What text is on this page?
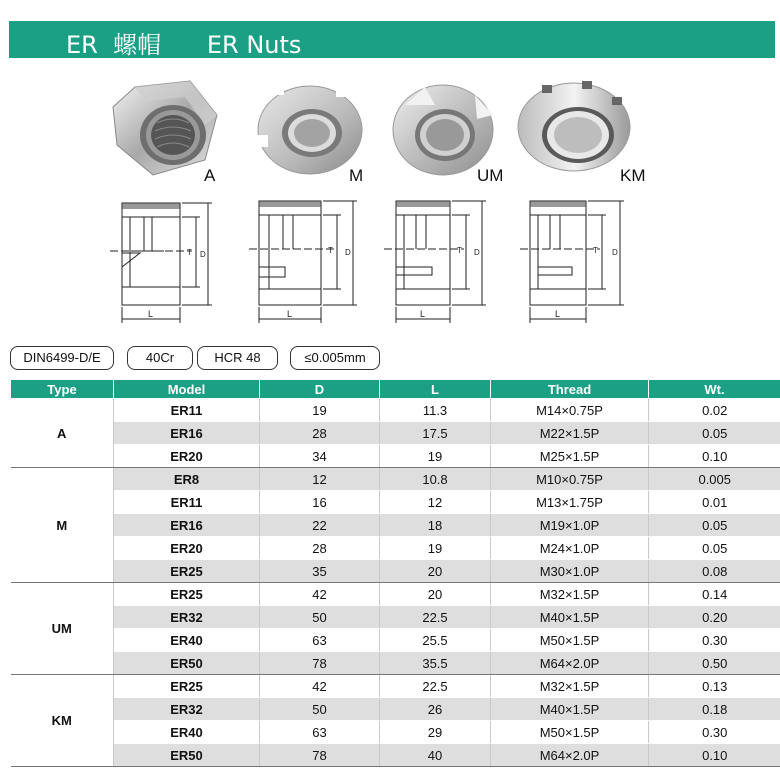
ER  螺帽      ER Nuts
A
L
T D
M
L
T D
UM
L
T D
KM
L
T D
DIN6499-D/E	40Cr	HCR 48	≤0.005mm
Type	Model	D	L	Thread	Wt.
A	ER11	19	11.3	M14×0.75P	0.02
	ER16	28	17.5	M22×1.5P	0.05
	ER20	34	19	M25×1.5P	0.10
M	ER8	12	10.8	M10×0.75P	0.005
	ER11	16	12	M13×1.75P	0.01
	ER16	22	18	M19×1.0P	0.05
	ER20	28	19	M24×1.0P	0.05
	ER25	35	20	M30×1.0P	0.08
UM	ER25	42	20	M32×1.5P	0.14
	ER32	50	22.5	M40×1.5P	0.20
	ER40	63	25.5	M50×1.5P	0.30
	ER50	78	35.5	M64×2.0P	0.50
KM	ER25	42	22.5	M32×1.5P	0.13
	ER32	50	26	M40×1.5P	0.18
	ER40	63	29	M50×1.5P	0.30
	ER50	78	40	M64×2.0P	0.10
